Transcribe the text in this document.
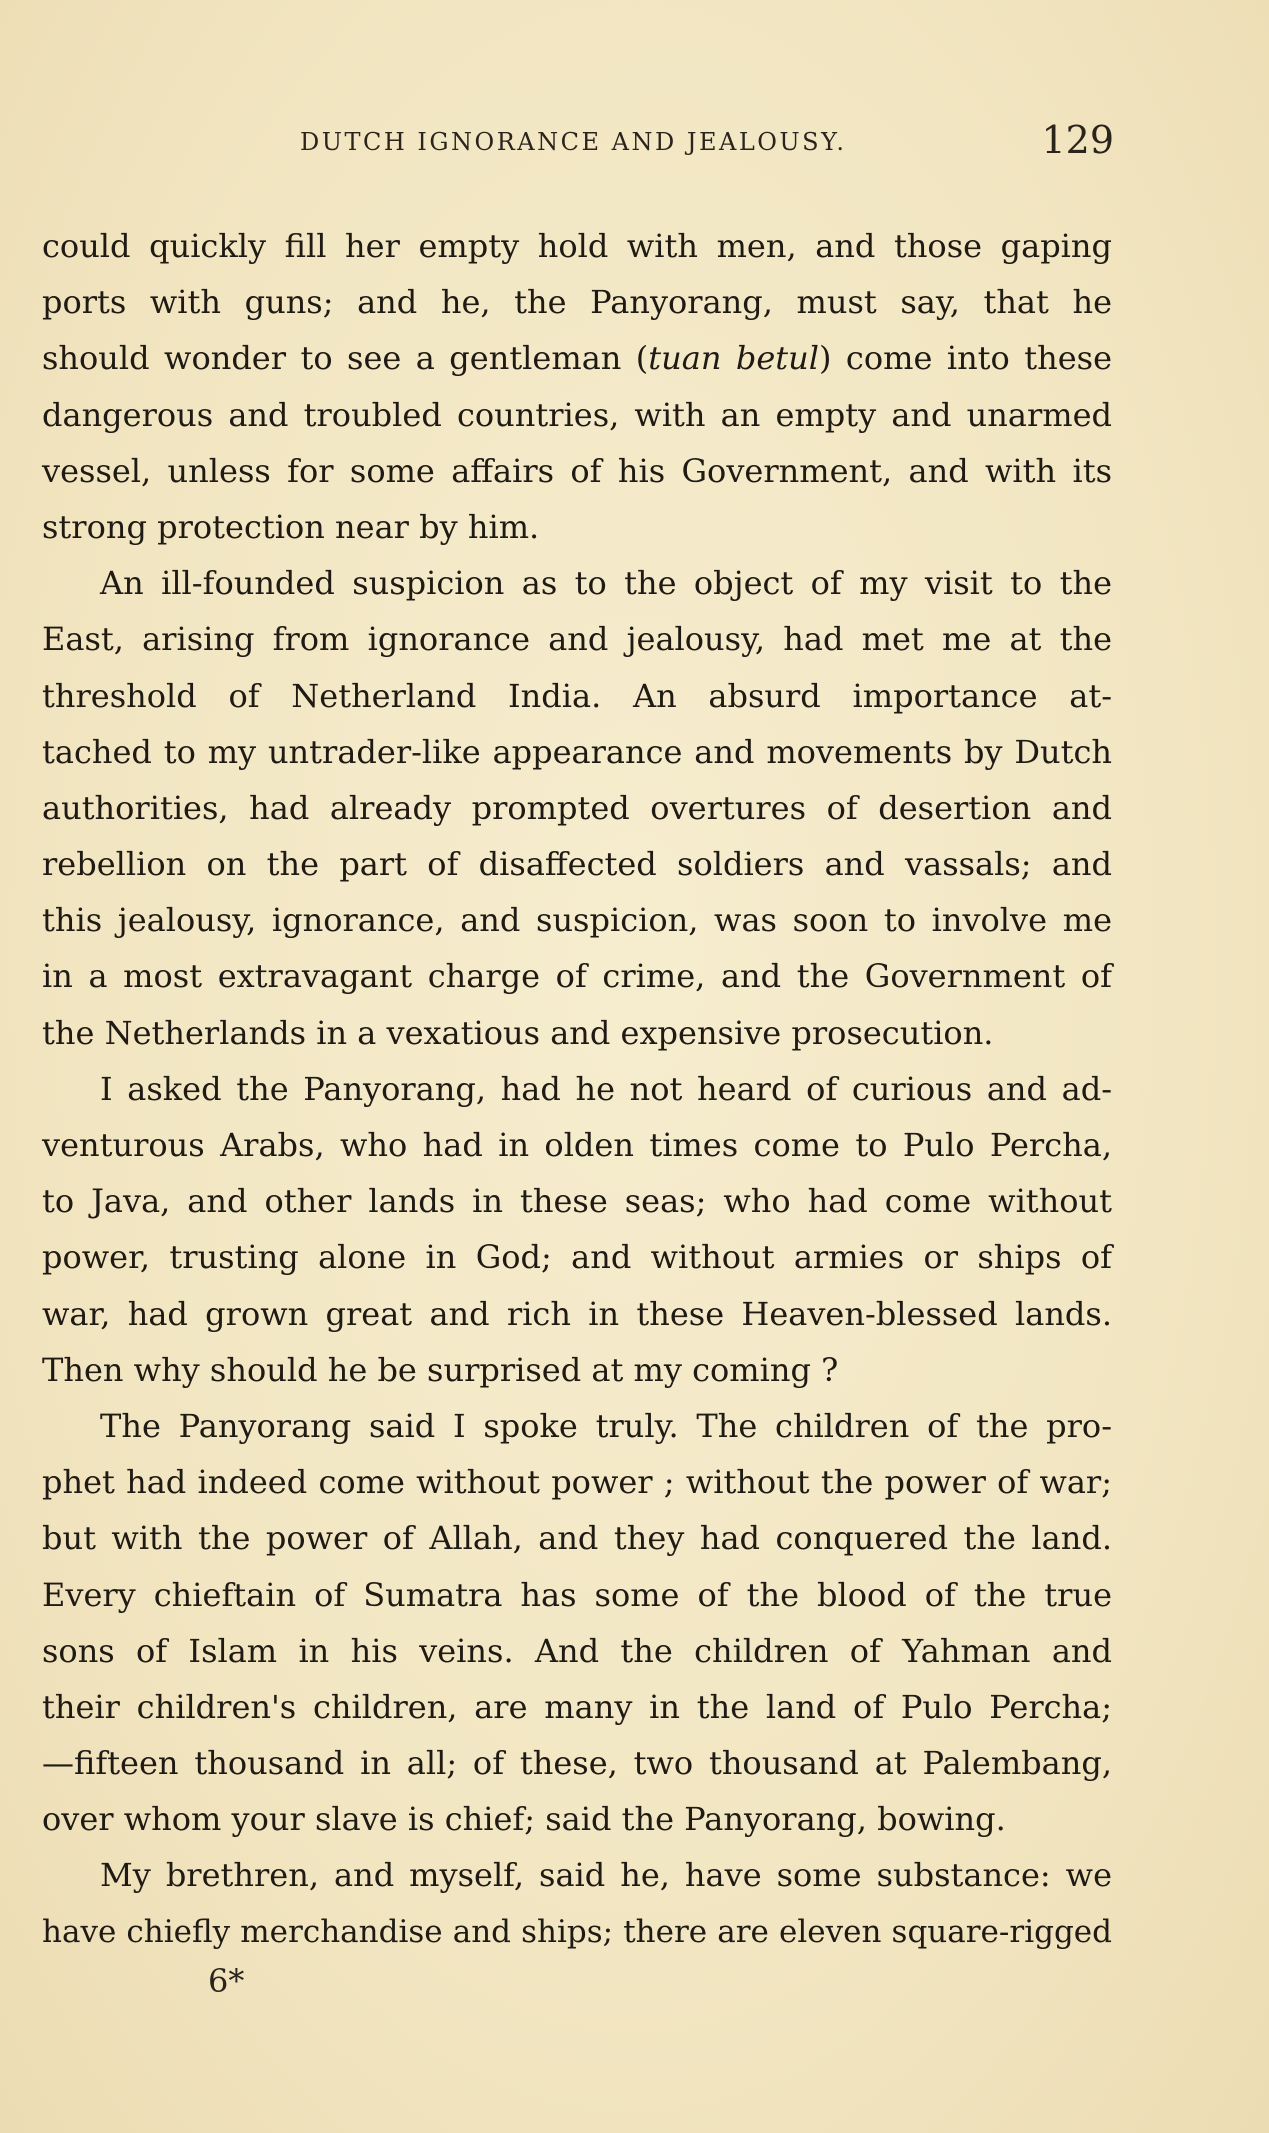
DUTCH IGNORANCE AND JEALOUSY.	129
could quickly fill her empty hold with men, and those gaping
ports with guns; and he, the Panyorang, must say, that he
should wonder to see a gentleman (tuan betul) come into these
dangerous and troubled countries, with an empty and unarmed
vessel, unless for some affairs of his Government, and with its
strong protection near by him.
An ill-founded suspicion as to the object of my visit to the
East, arising from ignorance and jealousy, had met me at the
threshold of Netherland India. An absurd importance at-
tached to my untrader-like appearance and movements by Dutch
authorities, had already prompted overtures of desertion and
rebellion on the part of disaffected soldiers and vassals; and
this jealousy, ignorance, and suspicion, was soon to involve me
in a most extravagant charge of crime, and the Government of
the Netherlands in a vexatious and expensive prosecution.
I asked the Panyorang, had he not heard of curious and ad-
venturous Arabs, who had in olden times come to Pulo Percha,
to Java, and other lands in these seas; who had come without
power, trusting alone in God; and without armies or ships of
war, had grown great and rich in these Heaven-blessed lands.
Then why should he be surprised at my coming ?
The Panyorang said I spoke truly. The children of the pro-
phet had indeed come without power ; without the power of war;
but with the power of Allah, and they had conquered the land.
Every chieftain of Sumatra has some of the blood of the true
sons of Islam in his veins. And the children of Yahman and
their children's children, are many in the land of Pulo Percha;
—fifteen thousand in all; of these, two thousand at Palembang,
over whom your slave is chief; said the Panyorang, bowing.
My brethren, and myself, said he, have some substance: we
have chiefly merchandise and ships; there are eleven square-rigged
6*
